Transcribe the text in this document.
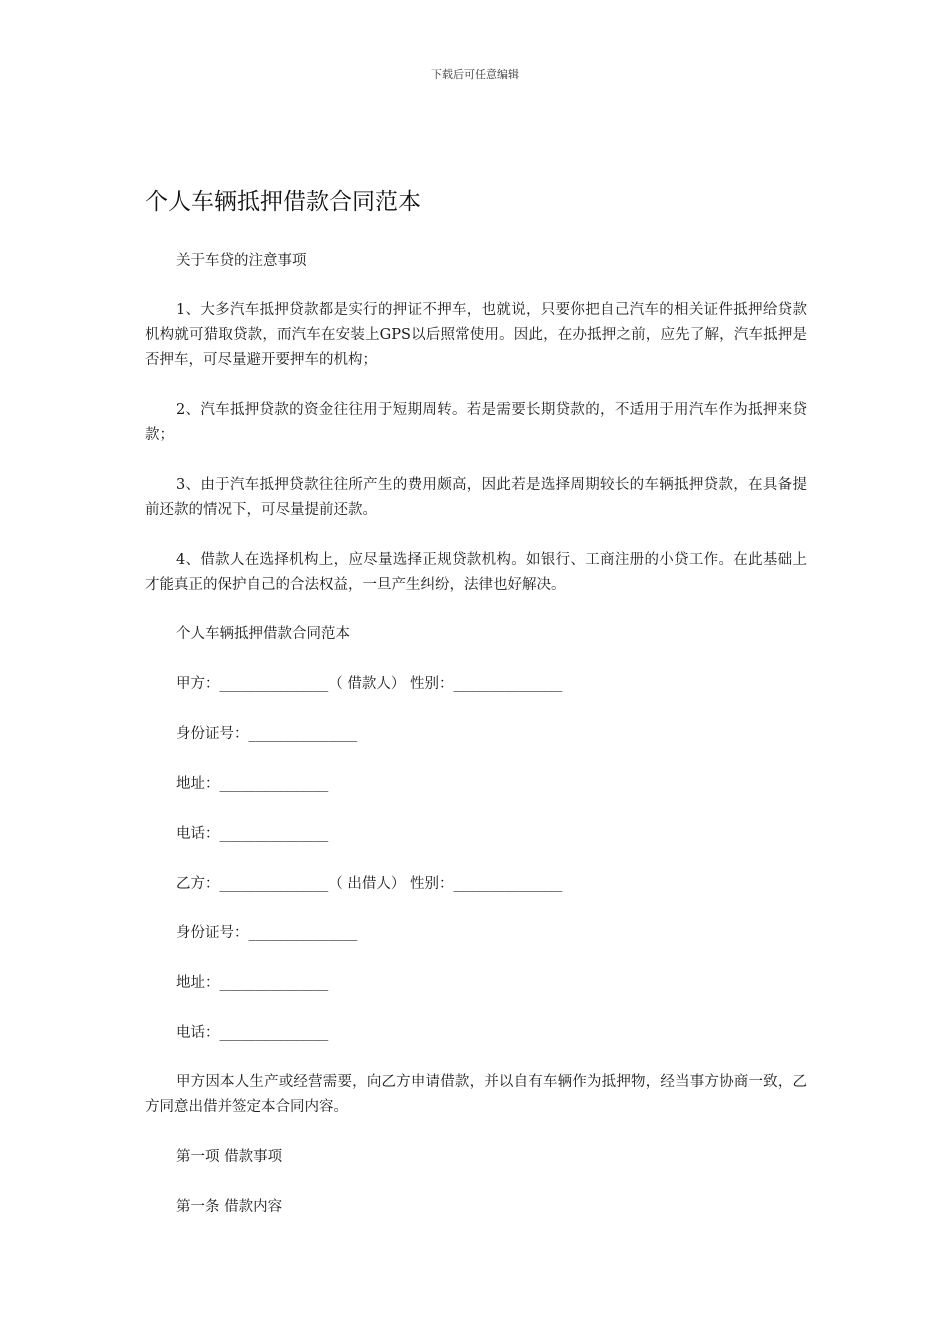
下载后可任意编辑
个人车辆抵押借款合同范本
关于车贷的注意事项
1、大多汽车抵押贷款都是实行的押证不押车，也就说，只要你把自己汽车的相关证件抵押给贷款机构就可猎取贷款，而汽车在安装上GPS以后照常使用。因此，在办抵押之前，应先了解，汽车抵押是否押车，可尽量避开要押车的机构；
2、汽车抵押贷款的资金往往用于短期周转。若是需要长期贷款的，不适用于用汽车作为抵押来贷款；
3、由于汽车抵押贷款往往所产生的费用颇高，因此若是选择周期较长的车辆抵押贷款，在具备提前还款的情况下，可尽量提前还款。
4、借款人在选择机构上，应尽量选择正规贷款机构。如银行、工商注册的小贷工作。在此基础上才能真正的保护自己的合法权益，一旦产生纠纷，法律也好解决。
个人车辆抵押借款合同范本
甲方：_______________（ 借款人） 性别：_______________
身份证号：_______________
地址：_______________
电话：_______________
乙方：_______________（ 出借人） 性别：_______________
身份证号：_______________
地址：_______________
电话：_______________
甲方因本人生产或经营需要，向乙方申请借款，并以自有车辆作为抵押物，经当事方协商一致，乙方同意出借并签定本合同内容。
第一项 借款事项
第一条 借款内容
